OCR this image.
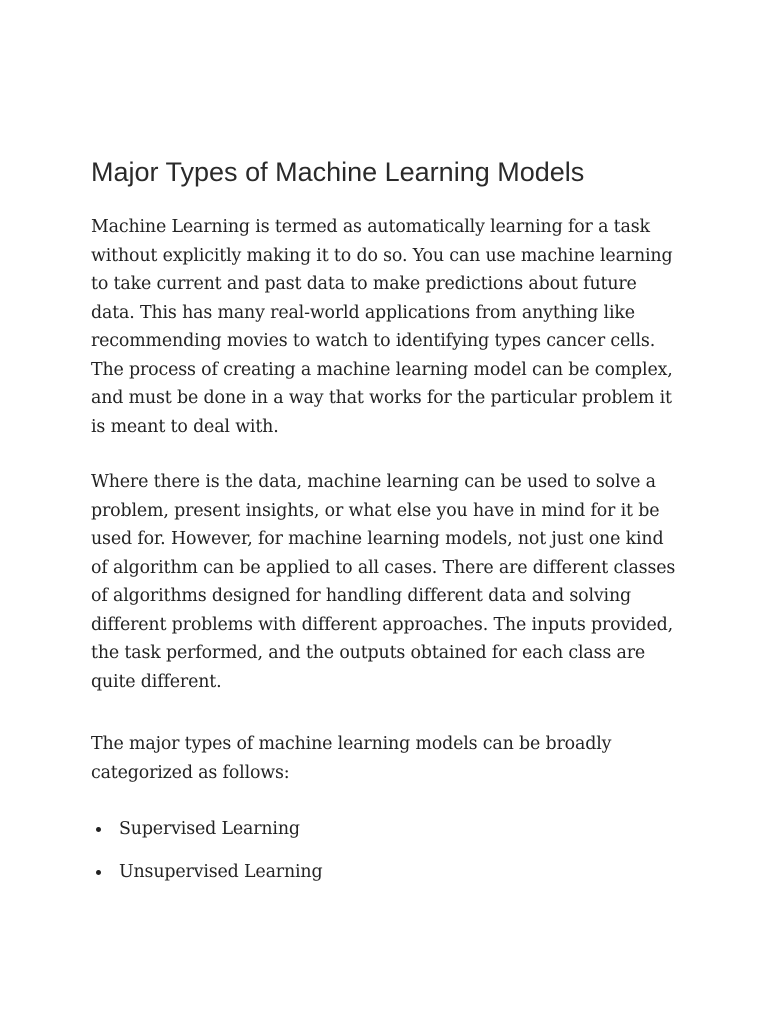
Major Types of Machine Learning Models

Machine Learning is termed as automatically learning for a task without explicitly making it to do so. You can use machine learning to take current and past data to make predictions about future data. This has many real-world applications from anything like recommending movies to watch to identifying types cancer cells. The process of creating a machine learning model can be complex, and must be done in a way that works for the particular problem it is meant to deal with.

Where there is the data, machine learning can be used to solve a problem, present insights, or what else you have in mind for it be used for. However, for machine learning models, not just one kind of algorithm can be applied to all cases. There are different classes of algorithms designed for handling different data and solving different problems with different approaches. The inputs provided, the task performed, and the outputs obtained for each class are quite different.

The major types of machine learning models can be broadly categorized as follows:

Supervised Learning
Unsupervised Learning
